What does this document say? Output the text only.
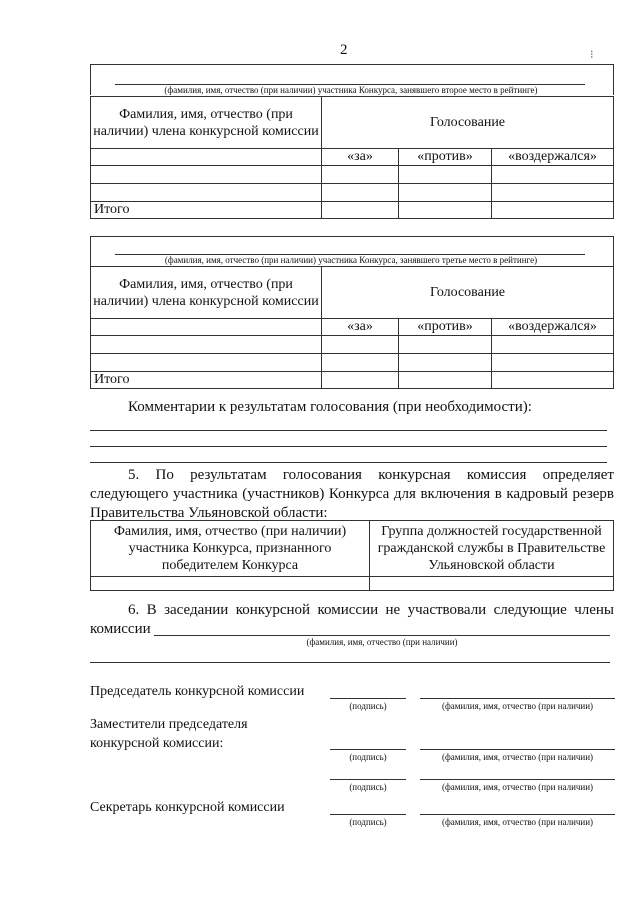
2	⁝
(фамилия, имя, отчество (при наличии) участника Конкурса, занявшего второе место в рейтинге)
Фамилия, имя, отчество (при наличии) члена конкурсной комиссии	Голосование		
	«за»	«против»	«воздержался»

Итого			
(фамилия, имя, отчество (при наличии) участника Конкурса, занявшего третье место в рейтинге)
Фамилия, имя, отчество (при наличии) члена конкурсной комиссии	Голосование		
	«за»	«против»	«воздержался»

Итого			
Комментарии к результатам голосования (при необходимости):
5. По результатам голосования конкурсная комиссия определяет следующего участника (участников) Конкурса для включения в кадровый резерв Правительства Ульяновской области:
Фамилия, имя, отчество (при наличии) участника Конкурса, признанного победителем Конкурса	Группа должностей государственной гражданской службы в Правительстве Ульяновской области

6. В заседании конкурсной комиссии не участвовали следующие члены комиссии
(фамилия, имя, отчество (при наличии)
Председатель конкурсной комиссии
(подпись)	(фамилия, имя, отчество (при наличии)
Заместители председателя
конкурсной комиссии:
(подпись)	(фамилия, имя, отчество (при наличии)
(подпись)	(фамилия, имя, отчество (при наличии)
Секретарь конкурсной комиссии
(подпись)	(фамилия, имя, отчество (при наличии)
